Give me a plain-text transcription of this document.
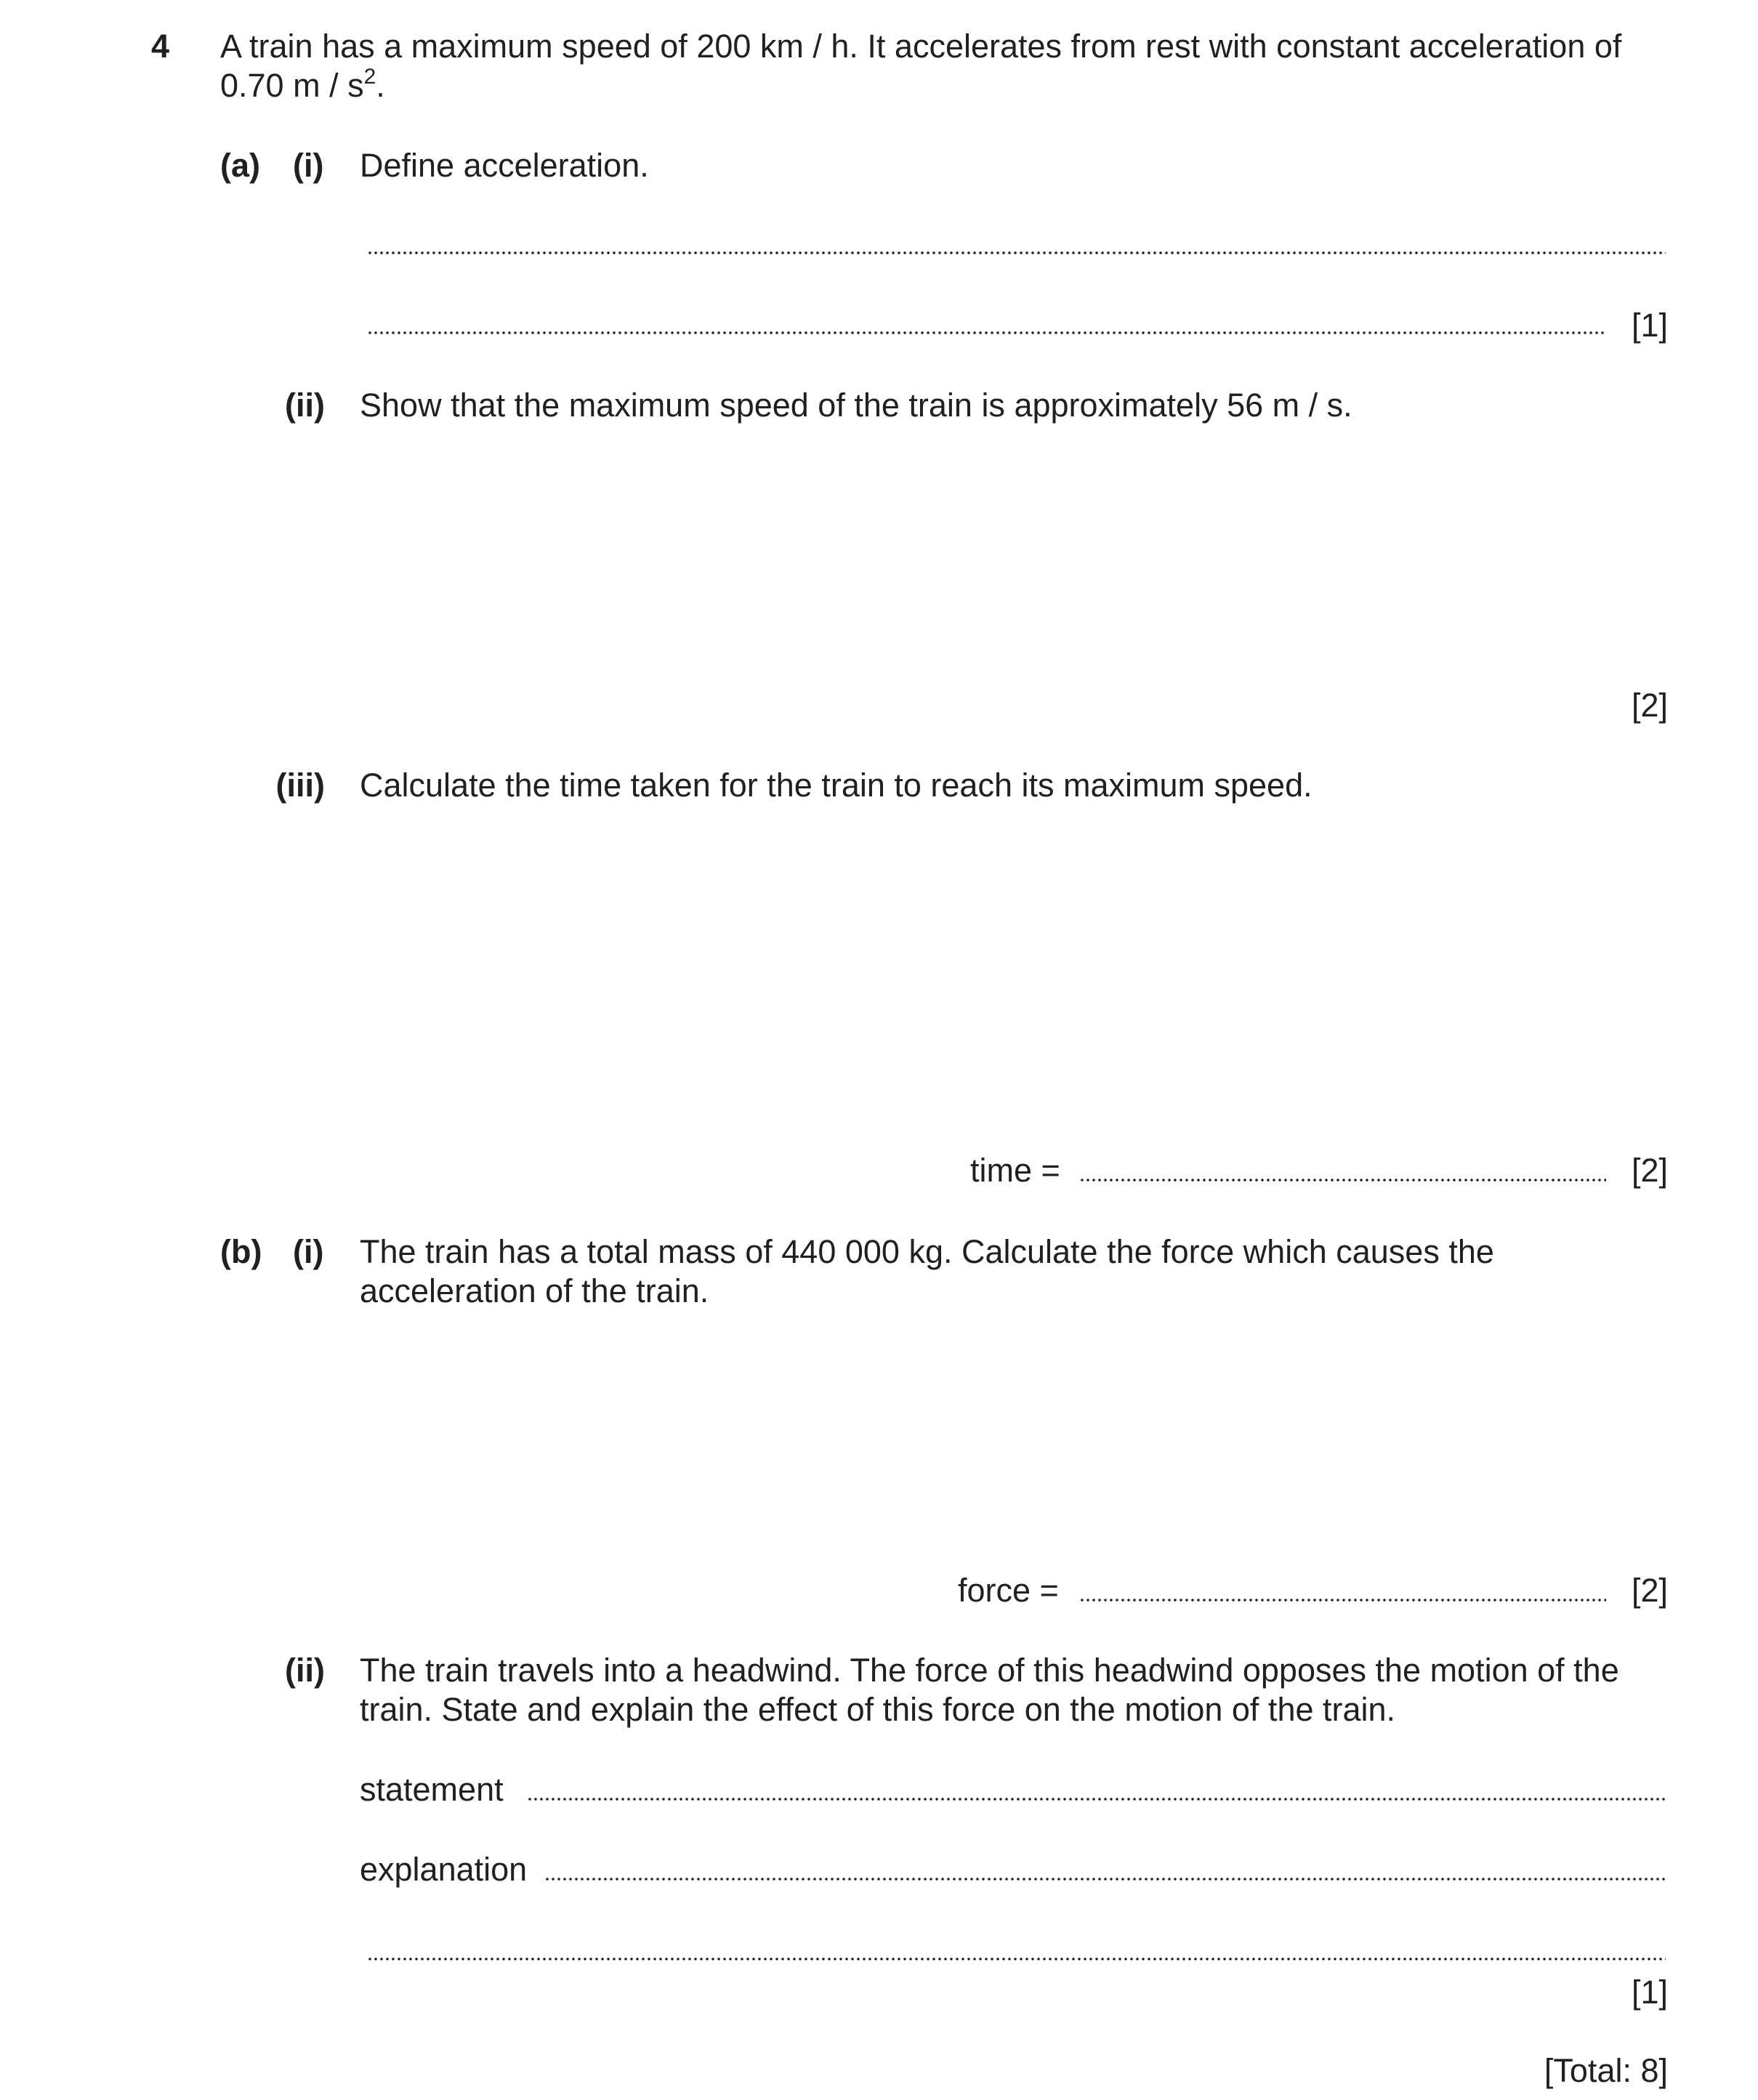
4 A train has a maximum speed of 200 km / h. It accelerates from rest with constant acceleration of
0.70 m / $s^2$.
(a) (i) Define acceleration.
[1]
(ii) Show that the maximum speed of the train is approximately 56 m / s.
[2]
(iii) Calculate the time taken for the train to reach its maximum speed.
time =	[2]
(b) (i) The train has a total mass of 440 000 kg. Calculate the force which causes the
acceleration of the train.
force =	[2]
(ii) The train travels into a headwind. The force of this headwind opposes the motion of the
train. State and explain the effect of this force on the motion of the train.
statement
explanation
[1]
[Total: 8]
